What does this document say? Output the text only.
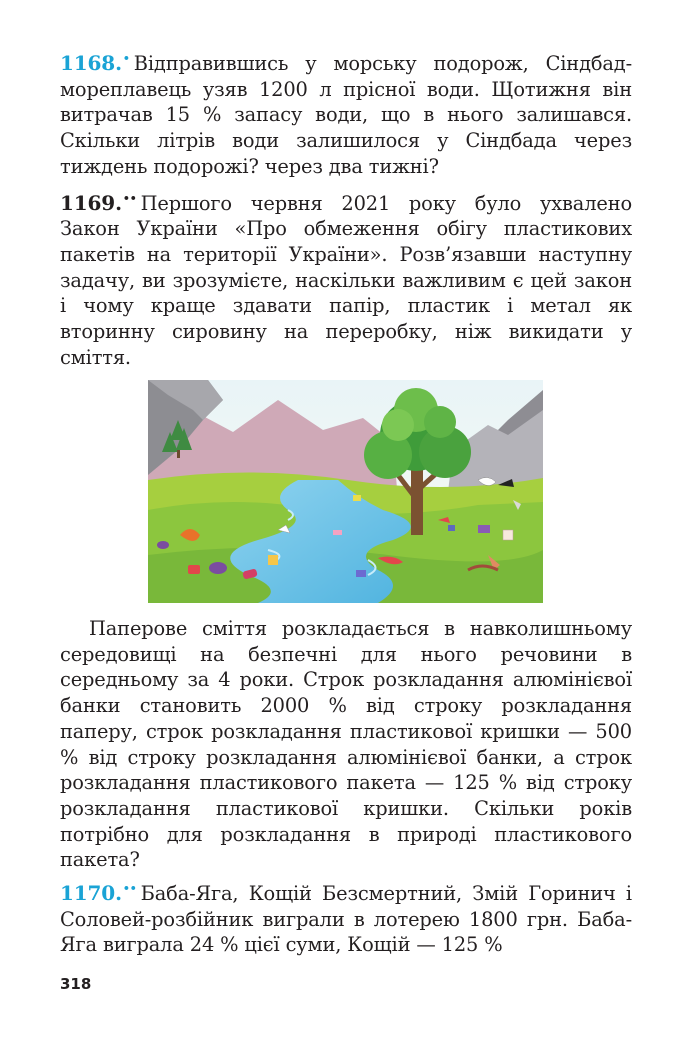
1168.• Відправившись у морську подорож, Сіндбад-мореплавець узяв 1200 л прісної води. Щотижня він витрачав 15 % запасу води, що в нього залишався. Скільки літрів води залишилося у Сіндбада через тиждень подорожі? через два тижні?

1169.•• Першого червня 2021 року було ухвалено Закон України «Про обмеження обігу пластикових пакетів на території України». Розв’язавши наступну задачу, ви зрозумієте, наскільки важливим є цей закон і чому краще здавати папір, пластик і метал як вторинну сировину на переробку, ніж викидати у сміття.

Паперове сміття розкладається в навколишньому середовищі на безпечні для нього речовини в середньому за 4 роки. Строк розкладання алюмінієвої банки становить 2000 % від строку розкладання паперу, строк розкладання пластикової кришки — 500 % від строку розкладання алюмінієвої банки, а строк розкладання пластикового пакета — 125 % від строку розкладання пластикової кришки. Скільки років потрібно для розкладання в природі пластикового пакета?

1170.•• Баба-Яга, Кощій Безсмертний, Змій Горинич і Соловей-розбійник виграли в лотерею 1800 грн. Баба-Яга виграла 24 % цієї суми, Кощій — 125 %

318
